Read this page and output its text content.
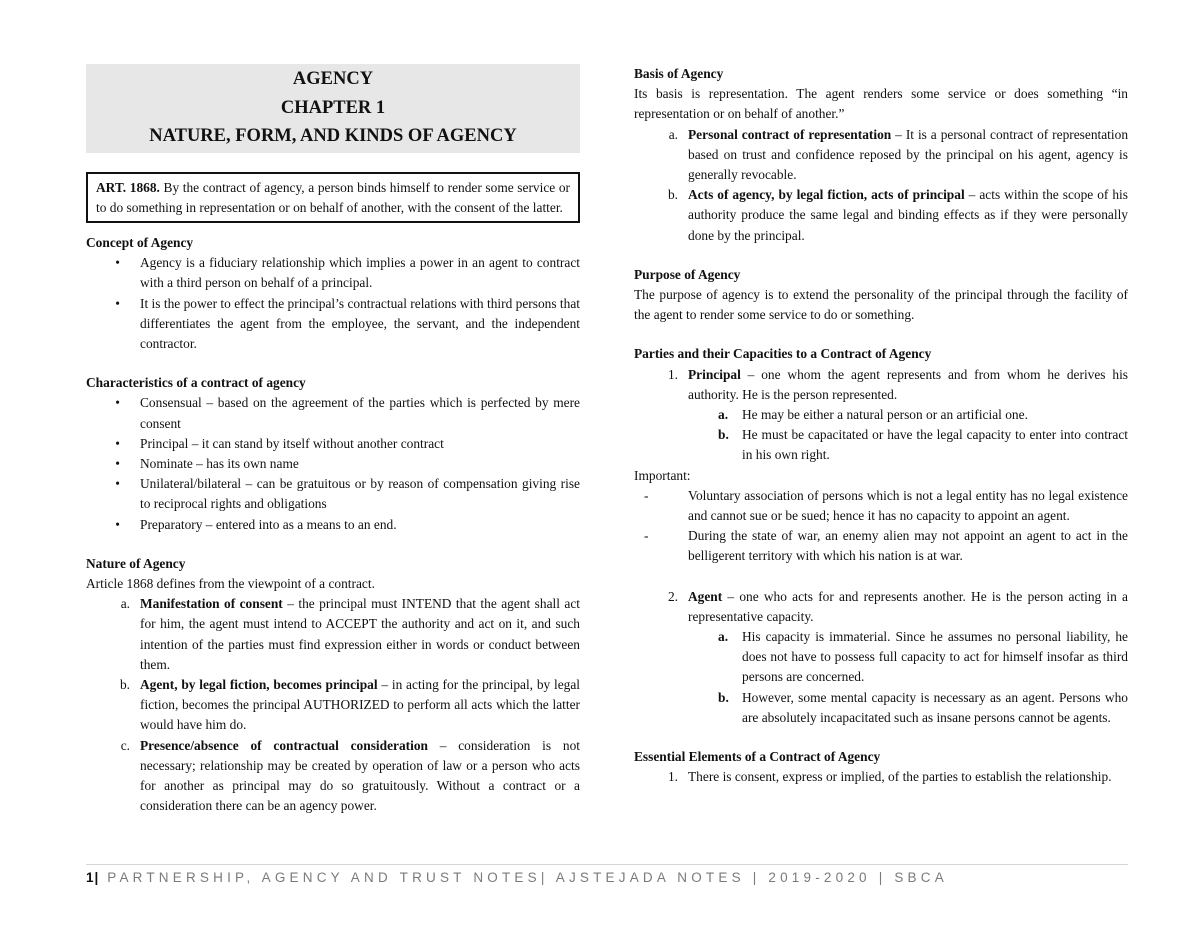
AGENCY
CHAPTER 1
NATURE, FORM, AND KINDS OF AGENCY
ART. 1868. By the contract of agency, a person binds himself to render some service or to do something in representation or on behalf of another, with the consent of the latter.
Concept of Agency
• Agency is a fiduciary relationship which implies a power in an agent to contract with a third person on behalf of a principal.
• It is the power to effect the principal’s contractual relations with third persons that differentiates the agent from the employee, the servant, and the independent contractor.
Characteristics of a contract of agency
• Consensual – based on the agreement of the parties which is perfected by mere consent
• Principal – it can stand by itself without another contract
• Nominate – has its own name
• Unilateral/bilateral – can be gratuitous or by reason of compensation giving rise to reciprocal rights and obligations
• Preparatory – entered into as a means to an end.
Nature of Agency

Article 1868 defines from the viewpoint of a contract.

a. Manifestation of consent – the principal must INTEND that the agent shall act for him, the agent must intend to ACCEPT the authority and act on it, and such intention of the parties must find expression either in words or conduct between them.
b. Agent, by legal fiction, becomes principal – in acting for the principal, by legal fiction, becomes the principal AUTHORIZED to perform all acts which the latter would have him do.
c. Presence/absence of contractual consideration – consideration is not necessary; relationship may be created by operation of law or a person who acts for another as principal may do so gratuitously. Without a contract or a consideration there can be an agency power.
Basis of Agency

Its basis is representation. The agent renders some service or does something “in representation or on behalf of another.”

a. Personal contract of representation – It is a personal contract of representation based on trust and confidence reposed by the principal on his agent, agency is generally revocable.
b. Acts of agency, by legal fiction, acts of principal – acts within the scope of his authority produce the same legal and binding effects as if they were personally done by the principal.
Purpose of Agency

The purpose of agency is to extend the personality of the principal through the facility of the agent to render some service to do or something.

Parties and their Capacities to a Contract of Agency
1. Principal – one whom the agent represents and from whom he derives his authority. He is the person represented.
a.	He may be either a natural person or an artificial one.
b. He must be capacitated or have the legal capacity to enter into contract in his own right.

Important:

-	Voluntary association of persons which is not a legal entity has no legal existence and cannot sue or be sued; hence it has no capacity to appoint an agent.
-	During the state of war, an enemy alien may not appoint an agent to act in the belligerent territory with which his nation is at war.
2. Agent – one who acts for and represents another. He is the person acting in a representative capacity.
a.	His capacity is immaterial. Since he assumes no personal liability, he does not have to possess full capacity to act for himself insofar as third persons are concerned.
b. However, some mental capacity is necessary as an agent. Persons who are absolutely incapacitated such as insane persons cannot be agents.
Essential Elements of a Contract of Agency
1. There is consent, express or implied, of the parties to establish the relationship.
1| PARTNERSHIP, AGENCY AND TRUST NOTES| AJSTEJADA NOTES | 2019-2020 | SBCA
